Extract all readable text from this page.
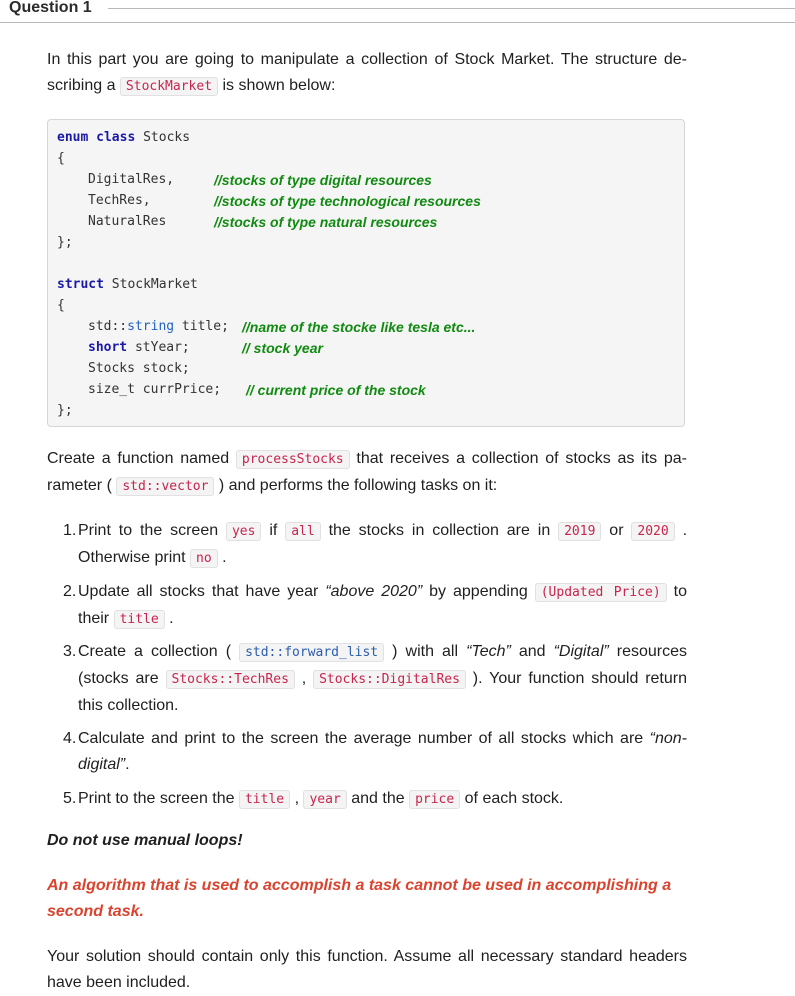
Question 1
In this part you are going to manipulate a collection of Stock Market. The structure de- scribing a StockMarket is shown below:
enum class Stocks
{
DigitalRes,	//stocks of type digital resources
TechRes,	//stocks of type technological resources
NaturalRes	//stocks of type natural resources
};
struct StockMarket
{
std::string title; //name of the stocke like tesla etc...
short stYear;	// stock year
Stocks stock;
size_t currPrice; // current price of the stock
};
Create a function named processStocks that receives a collection of stocks as its pa- rameter ( std::vector ) and performs the following tasks on it:
1. Print to the screen yes if all the stocks in collection are in 2019 or 2020 . Otherwise print no .
2. Update all stocks that have year “above 2020” by appending (Updated Price) to their title .
3. Create a collection ( std::forward_list ) with all “Tech” and “Digital” resources (stocks are Stocks::TechRes , Stocks::DigitalRes ). Your function should return this collection.
4. Calculate and print to the screen the average number of all stocks which are “non- digital”.
5. Print to the screen the title , year and the price of each stock.
Do not use manual loops!
An algorithm that is used to accomplish a task cannot be used in accomplishing a second task.
Your solution should contain only this function. Assume all necessary standard headers have been included.
